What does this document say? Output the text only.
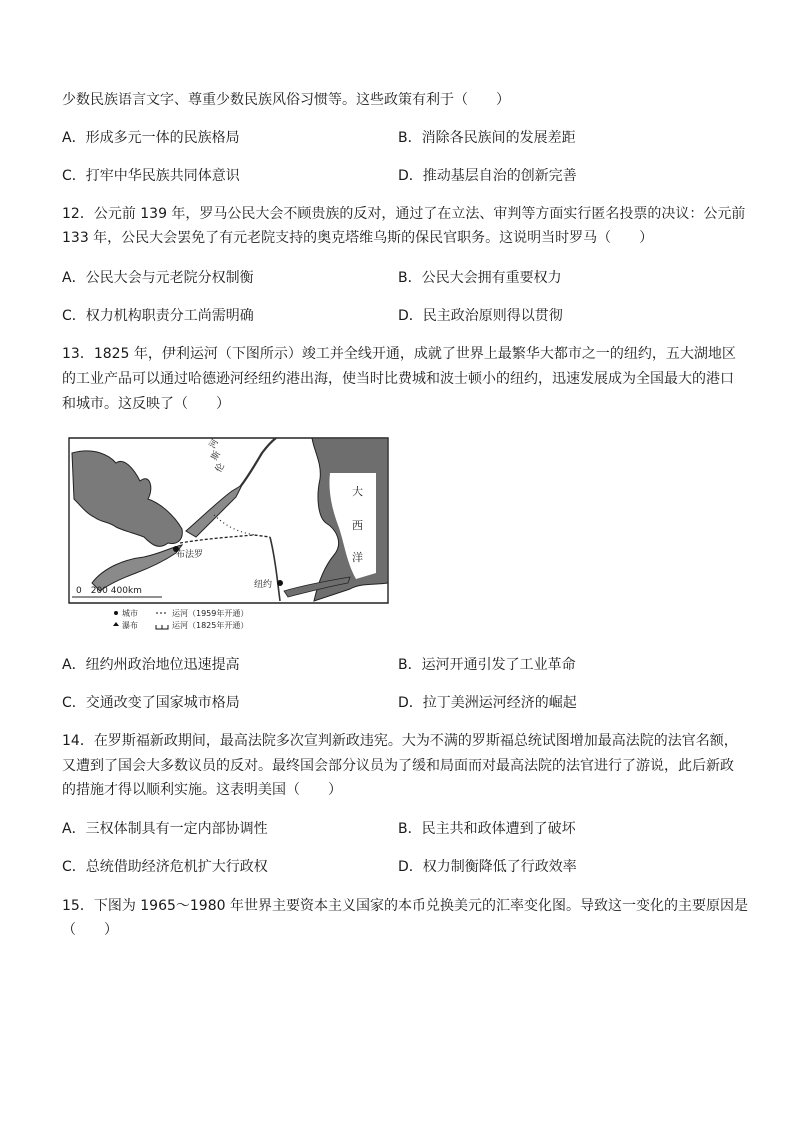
少数民族语言文字、尊重少数民族风俗习惯等。这些政策有利于（　　）
A．形成多元一体的民族格局	B．消除各民族间的发展差距
C．打牢中华民族共同体意识	D．推动基层自治的创新完善
12．公元前 139 年，罗马公民大会不顾贵族的反对，通过了在立法、审判等方面实行匿名投票的决议：公元前
133 年，公民大会罢免了有元老院支持的奥克塔维乌斯的保民官职务。这说明当时罗马（　　）
A．公民大会与元老院分权制衡	B．公民大会拥有重要权力
C．权力机构职责分工尚需明确	D．民主政治原则得以贯彻
13．1825 年，伊利运河（下图所示）竣工并全线开通，成就了世界上最繁华大都市之一的纽约，五大湖地区
的工业产品可以通过哈德逊河经纽约港出海，使当时比费城和波士顿小的纽约，迅速发展成为全国最大的港口
和城市。这反映了（　　）
河
斯
伦
大
西
洋
布法罗
纽约
0　200 400km
城市
瀑布
运河（1959年开通）
运河（1825年开通）
A．纽约州政治地位迅速提高	B．运河开通引发了工业革命
C．交通改变了国家城市格局	D．拉丁美洲运河经济的崛起
14．在罗斯福新政期间，最高法院多次宣判新政违宪。大为不满的罗斯福总统试图增加最高法院的法官名额，
又遭到了国会大多数议员的反对。最终国会部分议员为了缓和局面而对最高法院的法官进行了游说，此后新政
的措施才得以顺利实施。这表明美国（　　）
A．三权体制具有一定内部协调性	B．民主共和政体遭到了破坏
C．总统借助经济危机扩大行政权	D．权力制衡降低了行政效率
15．下图为 1965～1980 年世界主要资本主义国家的本币兑换美元的汇率变化图。导致这一变化的主要原因是
（　　）
